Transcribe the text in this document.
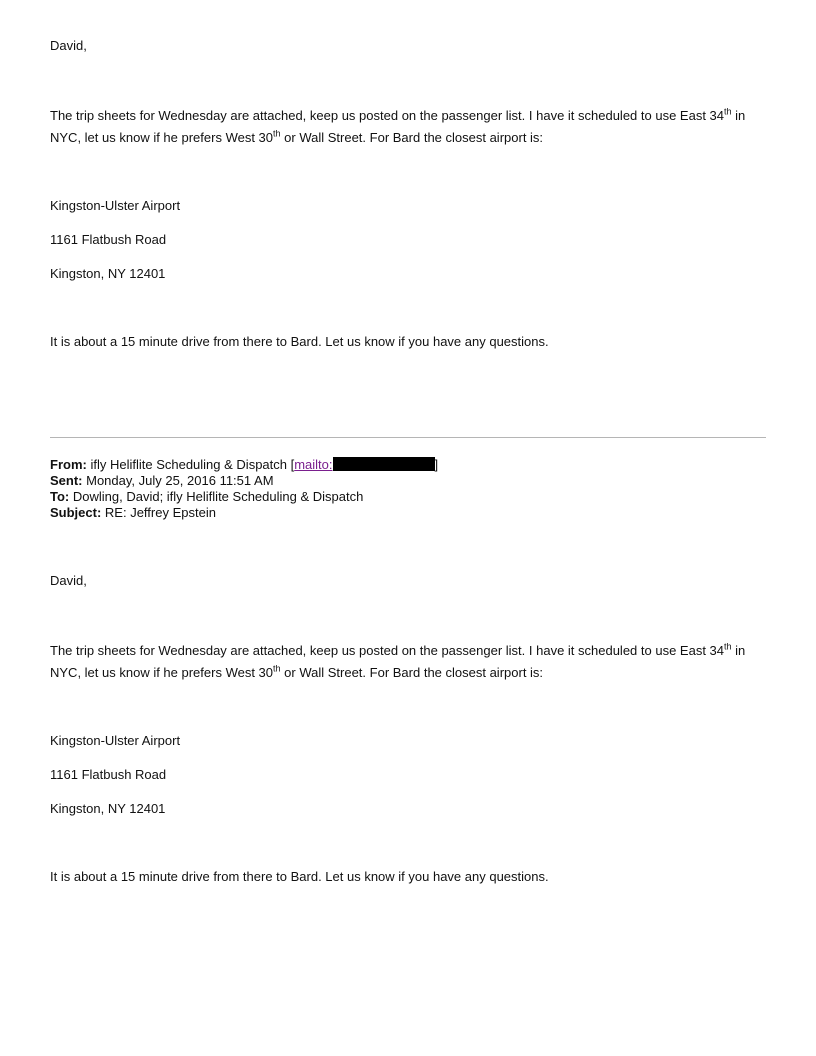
David,

The trip sheets for Wednesday are attached, keep us posted on the passenger list. I have it scheduled to use East 34th in

NYC, let us know if he prefers West 30th or Wall Street. For Bard the closest airport is:

Kingston-Ulster Airport

1161 Flatbush Road

Kingston, NY 12401

It is about a 15 minute drive from there to Bard. Let us know if you have any questions.

From: ifly Heliflite Scheduling & Dispatch [mailto:	]
Sent: Monday, July 25, 2016 11:51 AM
To: Dowling, David; ifly Heliflite Scheduling & Dispatch
Subject: RE: Jeffrey Epstein

David,

The trip sheets for Wednesday are attached, keep us posted on the passenger list. I have it scheduled to use East 34th in

NYC, let us know if he prefers West 30th or Wall Street. For Bard the closest airport is:

Kingston-Ulster Airport

1161 Flatbush Road

Kingston, NY 12401

It is about a 15 minute drive from there to Bard. Let us know if you have any questions.
